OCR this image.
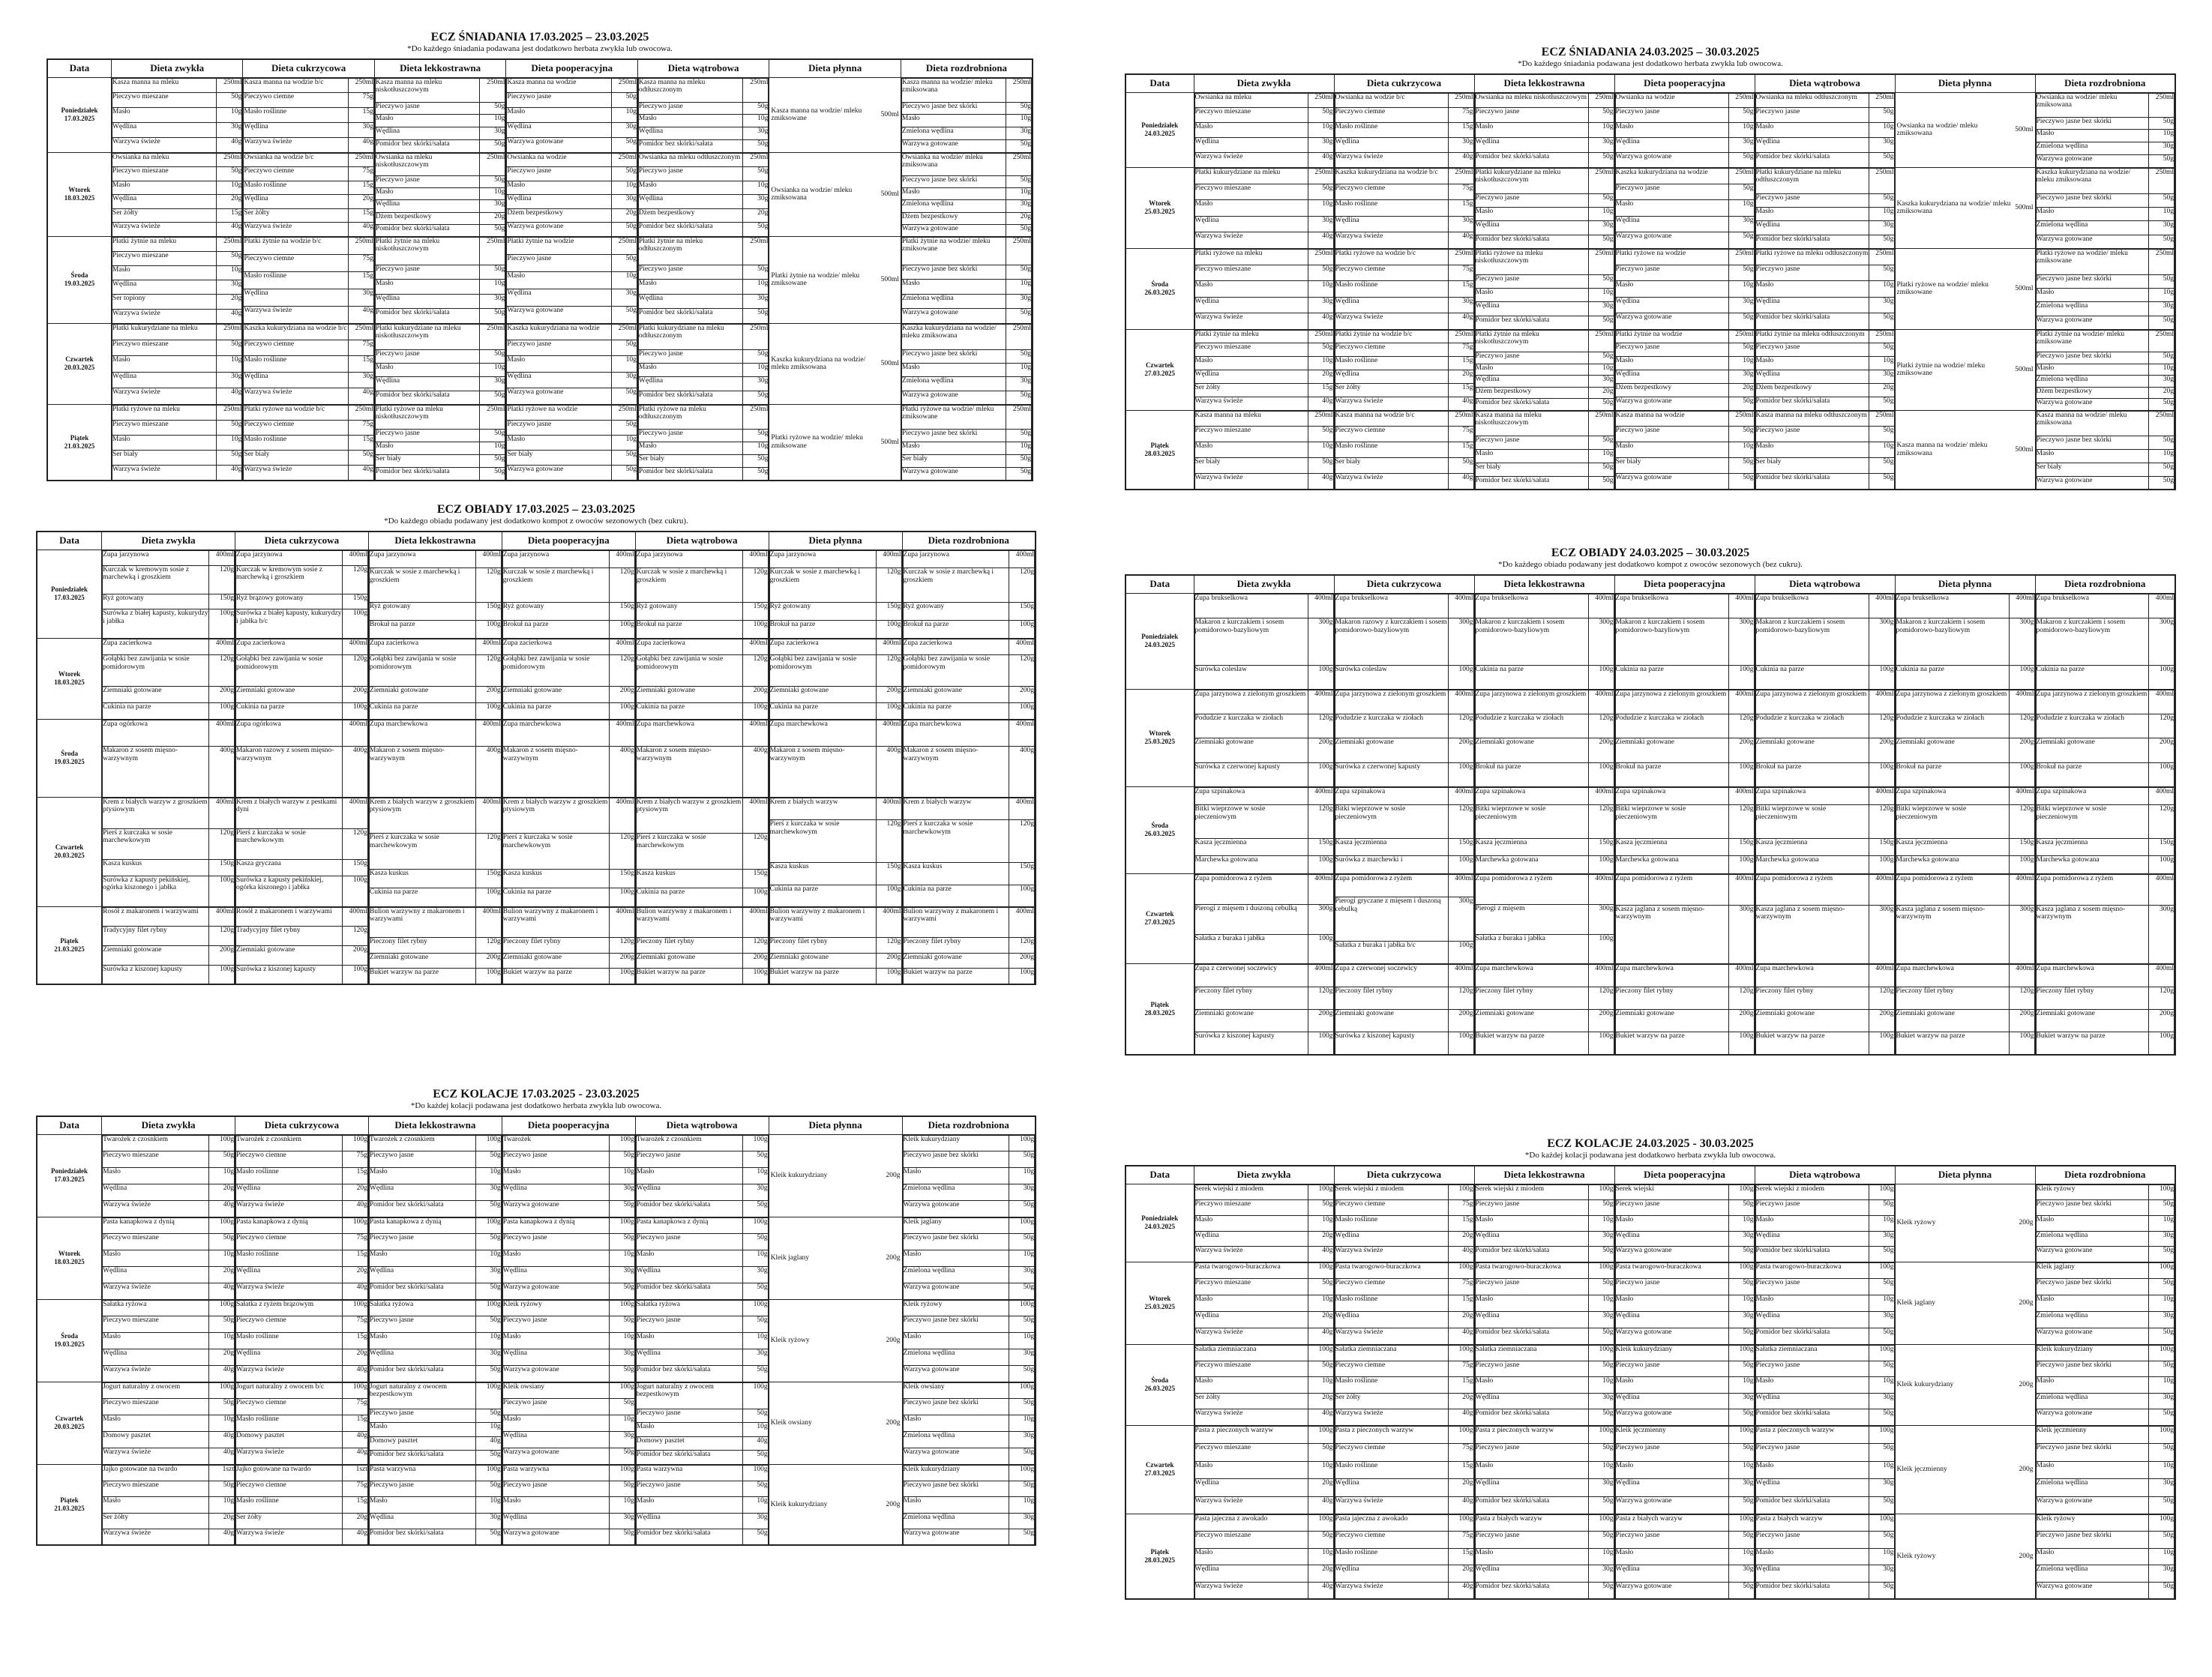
ECZ ŚNIADANIA 17.03.2025 – 23.03.2025
*Do każdego śniadania podawana jest dodatkowo herbata zwykła lub owocowa.
Data	Dieta zwykła	Dieta cukrzycowa	Dieta lekkostrawna	Dieta pooperacyjna	Dieta wątrobowa	Dieta płynna	Dieta rozdrobniona

Poniedziałek
17.03.2025

Kasza manna na mleku	250ml
Pieczywo mieszane	50g
Masło	10g
Wędlina	30g
Warzywa świeże	40g

Kasza manna na wodzie b/c	250ml
Pieczywo ciemne	75g
Masło roślinne	15g
Wędlina	30g
Warzywa świeże	40g

Kasza manna na mleku niskotłuszczowym	250ml
Pieczywo jasne	50g
Masło	10g
Wędlina	30g
Pomidor bez skórki/sałata	50g

Kasza manna na wodzie	250ml
Pieczywo jasne	50g
Masło	10g
Wędlina	30g
Warzywa gotowane	50g

Kasza manna na mleku odtłuszczonym	250ml
Pieczywo jasne	50g
Masło	10g
Wędlina	30g
Pomidor bez skórki/sałata	50g

Kasza manna na wodzie/ mleku zmiksowane
500ml

Kasza manna na wodzie/ mleku zmiksowana	250ml
Pieczywo jasne bez skórki	50g
Masło	10g
Zmielona wędlina	30g
Warzywa gotowane	50g

Wtorek
18.03.2025

Owsianka na mleku	250ml
Pieczywo mieszane	50g
Masło	10g
Wędlina	20g
Ser żółty	15g
Warzywa świeże	40g

Owsianka na wodzie b/c	250ml
Pieczywo ciemne	75g
Masło roślinne	15g
Wędlina	20g
Ser żółty	15g
Warzywa świeże	40g

Owsianka na mleku niskotłuszczowym	250ml
Pieczywo jasne	50g
Masło	10g
Wędlina	30g
Dżem bezpestkowy	20g
Pomidor bez skórki/sałata	50g

Owsianka na wodzie	250ml
Pieczywo jasne	50g
Masło	10g
Wędlina	30g
Dżem bezpestkowy	20g
Warzywa gotowane	50g

Owsianka na mleku odtłuszczonym	250ml
Pieczywo jasne	50g
Masło	10g
Wędlina	30g
Dżem bezpestkowy	20g
Pomidor bez skórki/sałata	50g

Owsianka na wodzie/ mleku zmiksowana
500ml

Owsianka na wodzie/ mleku zmiksowana	250ml
Pieczywo jasne bez skórki	50g
Masło	10g
Zmielona wędlina	30g
Dżem bezpestkowy	20g
Warzywa gotowane	50g

Środa
19.03.2025

Płatki żytnie na mleku	250ml
Pieczywo mieszane	50g
Masło	10g
Wędlina	30g
Ser topiony	20g
Warzywa świeże	40g

Płatki żytnie na wodzie b/c	250ml
Pieczywo ciemne	75g
Masło roślinne	15g
Wędlina	30g
Warzywa świeże	40g

Płatki żytnie na mleku niskotłuszczowym	250ml
Pieczywo jasne	50g
Masło	10g
Wędlina	30g
Pomidor bez skórki/sałata	50g

Płatki żytnie na wodzie	250ml
Pieczywo jasne	50g
Masło	10g
Wędlina	30g
Warzywa gotowane	50g

Płatki żytnie na mleku odtłuszczonym	250ml
Pieczywo jasne	50g
Masło	10g
Wędlina	30g
Pomidor bez skórki/sałata	50g

Płatki żytnie na wodzie/ mleku zmiksowane
500ml

Płatki żytnie na wodzie/ mleku zmiksowane	250ml
Pieczywo jasne bez skórki	50g
Masło	10g
Zmielona wędlina	30g
Warzywa gotowane	50g

Czwartek
20.03.2025

Płatki kukurydziane na mleku	250ml
Pieczywo mieszane	50g
Masło	10g
Wędlina	30g
Warzywa świeże	40g

Kaszka kukurydziana na wodzie b/c	250ml
Pieczywo ciemne	75g
Masło roślinne	15g
Wędlina	30g
Warzywa świeże	40g

Płatki kukurydziane na mleku niskotłuszczowym	250ml
Pieczywo jasne	50g
Masło	10g
Wędlina	30g
Pomidor bez skórki/sałata	50g

Kaszka kukurydziana na wodzie	250ml
Pieczywo jasne	50g
Masło	10g
Wędlina	30g
Warzywa gotowane	50g

Płatki kukurydziane na mleku odtłuszczonym	250ml
Pieczywo jasne	50g
Masło	10g
Wędlina	30g
Pomidor bez skórki/sałata	50g

Kaszka kukurydziana na wodzie/ mleku zmiksowana
500ml

Kaszka kukurydziana na wodzie/ mleku zmiksowana	250ml
Pieczywo jasne bez skórki	50g
Masło	10g
Zmielona wędlina	30g
Warzywa gotowane	50g

Piątek
21.03.2025

Płatki ryżowe na mleku	250ml
Pieczywo mieszane	50g
Masło	10g
Ser biały	50g
Warzywa świeże	40g

Płatki ryżowe na wodzie b/c	250ml
Pieczywo ciemne	75g
Masło roślinne	15g
Ser biały	50g
Warzywa świeże	40g

Płatki ryżowe na mleku niskotłuszczowym	250ml
Pieczywo jasne	50g
Masło	10g
Ser biały	50g
Pomidor bez skórki/sałata	50g

Płatki ryżowe na wodzie	250ml
Pieczywo jasne	50g
Masło	10g
Ser biały	50g
Warzywa gotowane	50g

Płatki ryżowe na mleku odtłuszczonym	250ml
Pieczywo jasne	50g
Masło	10g
Ser biały	50g
Pomidor bez skórki/sałata	50g

Płatki ryżowe na wodzie/ mleku zmiksowane
500ml

Płatki ryżowe na wodzie/ mleku zmiksowane	250ml
Pieczywo jasne bez skórki	50g
Masło	10g
Ser biały	50g
Warzywa gotowane	50g
ECZ ŚNIADANIA 24.03.2025 – 30.03.2025
*Do każdego śniadania podawana jest dodatkowo herbata zwykła lub owocowa.
Data	Dieta zwykła	Dieta cukrzycowa	Dieta lekkostrawna	Dieta pooperacyjna	Dieta wątrobowa	Dieta płynna	Dieta rozdrobniona

Poniedziałek
24.03.2025

Owsianka na mleku	250ml
Pieczywo mieszane	50g
Masło	10g
Wędlina	30g
Warzywa świeże	40g

Owsianka na wodzie b/c	250ml
Pieczywo ciemne	75g
Masło roślinne	15g
Wędlina	30g
Warzywa świeże	40g

Owsianka na mleku niskotłuszczowym	250ml
Pieczywo jasne	50g
Masło	10g
Wędlina	30g
Pomidor bez skórki/sałata	50g

Owsianka na wodzie	250ml
Pieczywo jasne	50g
Masło	10g
Wędlina	30g
Warzywa gotowane	50g

Owsianka na mleku odtłuszczonym	250ml
Pieczywo jasne	50g
Masło	10g
Wędlina	30g
Pomidor bez skórki/sałata	50g

Owsianka na wodzie/ mleku zmiksowana
500ml

Owsianka na wodzie/ mleku zmiksowana	250ml
Pieczywo jasne bez skórki	50g
Masło	10g
Zmielona wędlina	30g
Warzywa gotowane	50g

Wtorek
25.03.2025

Płatki kukurydziane na mleku	250ml
Pieczywo mieszane	50g
Masło	10g
Wędlina	30g
Warzywa świeże	40g

Kaszka kukurydziana na wodzie b/c	250ml
Pieczywo ciemne	75g
Masło roślinne	15g
Wędlina	30g
Warzywa świeże	40g

Płatki kukurydziane na mleku niskotłuszczowym	250ml
Pieczywo jasne	50g
Masło	10g
Wędlina	30g
Pomidor bez skórki/sałata	50g

Kaszka kukurydziana na wodzie	250ml
Pieczywo jasne	50g
Masło	10g
Wędlina	30g
Warzywa gotowane	50g

Płatki kukurydziane na mleku odtłuszczonym	250ml
Pieczywo jasne	50g
Masło	10g
Wędlina	30g
Pomidor bez skórki/sałata	50g

Kaszka kukurydziana na wodzie/ mleku zmiksowana
500ml

Kaszka kukurydziana na wodzie/ mleku zmiksowana	250ml
Pieczywo jasne bez skórki	50g
Masło	10g
Zmielona wędlina	30g
Warzywa gotowane	50g

Środa
26.03.2025

Płatki ryżowe na mleku	250ml
Pieczywo mieszane	50g
Masło	10g
Wędlina	30g
Warzywa świeże	40g

Płatki ryżowe na wodzie b/c	250ml
Pieczywo ciemne	75g
Masło roślinne	15g
Wędlina	30g
Warzywa świeże	40g

Płatki ryżowe na mleku niskotłuszczowym	250ml
Pieczywo jasne	50g
Masło	10g
Wędlina	30g
Pomidor bez skórki/sałata	50g

Płatki ryżowe na wodzie	250ml
Pieczywo jasne	50g
Masło	10g
Wędlina	30g
Warzywa gotowane	50g

Płatki ryżowe na mleku odtłuszczonym	250ml
Pieczywo jasne	50g
Masło	10g
Wędlina	30g
Pomidor bez skórki/sałata	50g

Płatki ryżowe na wodzie/ mleku zmiksowane
500ml

Płatki ryżowe na wodzie/ mleku zmiksowane	250ml
Pieczywo jasne bez skórki	50g
Masło	10g
Zmielona wędlina	30g
Warzywa gotowane	50g

Czwartek
27.03.2025

Płatki żytnie na mleku	250ml
Pieczywo mieszane	50g
Masło	10g
Wędlina	20g
Ser żółty	15g
Warzywa świeże	40g

Płatki żytnie na wodzie b/c	250ml
Pieczywo ciemne	75g
Masło roślinne	15g
Wędlina	20g
Ser żółty	15g
Warzywa świeże	40g

Płatki żytnie na mleku niskotłuszczowym	250ml
Pieczywo jasne	50g
Masło	10g
Wędlina	30g
Dżem bezpestkowy	20g
Pomidor bez skórki/sałata	50g

Płatki żytnie na wodzie	250ml
Pieczywo jasne	50g
Masło	10g
Wędlina	30g
Dżem bezpestkowy	20g
Warzywa gotowane	50g

Płatki żytnie na mleku odtłuszczonym	250ml
Pieczywo jasne	50g
Masło	10g
Wędlina	30g
Dżem bezpestkowy	20g
Pomidor bez skórki/sałata	50g

Płatki żytnie na wodzie/ mleku zmiksowane
500ml

Płatki żytnie na wodzie/ mleku zmiksowane	250ml
Pieczywo jasne bez skórki	50g
Masło	10g
Zmielona wędlina	30g
Dżem bezpestkowy	20g
Warzywa gotowane	50g

Piątek
28.03.2025

Kasza manna na mleku	250ml
Pieczywo mieszane	50g
Masło	10g
Ser biały	50g
Warzywa świeże	40g

Kasza manna na wodzie b/c	250ml
Pieczywo ciemne	75g
Masło roślinne	15g
Ser biały	50g
Warzywa świeże	40g

Kasza manna na mleku niskotłuszczowym	250ml
Pieczywo jasne	50g
Masło	10g
Ser biały	50g
Pomidor bez skórki/sałata	50g

Kasza manna na wodzie	250ml
Pieczywo jasne	50g
Masło	10g
Ser biały	50g
Warzywa gotowane	50g

Kasza manna na mleku odtłuszczonym	250ml
Pieczywo jasne	50g
Masło	10g
Ser biały	50g
Pomidor bez skórki/sałata	50g

Kasza manna na wodzie/ mleku zmiksowana
500ml

Kasza manna na wodzie/ mleku zmiksowana	250ml
Pieczywo jasne bez skórki	50g
Masło	10g
Ser biały	50g
Warzywa gotowane	50g
ECZ OBIADY 17.03.2025 – 23.03.2025
*Do każdego obiadu podawany jest dodatkowo kompot z owoców sezonowych (bez cukru).
Data	Dieta zwykła	Dieta cukrzycowa	Dieta lekkostrawna	Dieta pooperacyjna	Dieta wątrobowa	Dieta płynna	Dieta rozdrobniona

Poniedziałek
17.03.2025

Zupa jarzynowa	400ml
Kurczak w kremowym sosie z marchewką i groszkiem	120g
Ryż gotowany	150g
Surówka z białej kapusty, kukurydzy i jabłka	100g

Zupa jarzynowa	400ml
Kurczak w kremowym sosie z marchewką i groszkiem	120g
Ryż brązowy gotowany	150g
Surówka z białej kapusty, kukurydzy i jabłka b/c	100g

Zupa jarzynowa	400ml
Kurczak w sosie z marchewką i groszkiem	120g
Ryż gotowany	150g
Brokuł na parze	100g

Zupa jarzynowa	400ml
Kurczak w sosie z marchewką i groszkiem	120g
Ryż gotowany	150g
Brokuł na parze	100g

Zupa jarzynowa	400ml
Kurczak w sosie z marchewką i groszkiem	120g
Ryż gotowany	150g
Brokuł na parze	100g

Zupa jarzynowa	400ml
Kurczak w sosie z marchewką i groszkiem	120g
Ryż gotowany	150g
Brokuł na parze	100g

Zupa jarzynowa	400ml
Kurczak w sosie z marchewką i groszkiem	120g
Ryż gotowany	150g
Brokuł na parze	100g

Wtorek
18.03.2025

Zupa zacierkowa	400ml
Gołąbki bez zawijania w sosie pomidorowym	120g
Ziemniaki gotowane	200g
Cukinia na parze	100g

Zupa zacierkowa	400ml
Gołąbki bez zawijania w sosie pomidorowym	120g
Ziemniaki gotowane	200g
Cukinia na parze	100g

Zupa zacierkowa	400ml
Gołąbki bez zawijania w sosie pomidorowym	120g
Ziemniaki gotowane	200g
Cukinia na parze	100g

Zupa zacierkowa	400ml
Gołąbki bez zawijania w sosie pomidorowym	120g
Ziemniaki gotowane	200g
Cukinia na parze	100g

Zupa zacierkowa	400ml
Gołąbki bez zawijania w sosie pomidorowym	120g
Ziemniaki gotowane	200g
Cukinia na parze	100g

Zupa zacierkowa	400ml
Gołąbki bez zawijania w sosie pomidorowym	120g
Ziemniaki gotowane	200g
Cukinia na parze	100g

Zupa zacierkowa	400ml
Gołąbki bez zawijania w sosie pomidorowym	120g
Ziemniaki gotowane	200g
Cukinia na parze	100g

Środa
19.03.2025

Zupa ogórkowa	400ml
Makaron z sosem mięsno-warzywnym	400g

Zupa ogórkowa	400ml
Makaron razowy z sosem mięsno-warzywnym	400g

Zupa marchewkowa	400ml
Makaron z sosem mięsno-warzywnym	400g

Zupa marchewkowa	400ml
Makaron z sosem mięsno-warzywnym	400g

Zupa marchewkowa	400ml
Makaron z sosem mięsno-warzywnym	400g

Zupa marchewkowa	400ml
Makaron z sosem mięsno-warzywnym	400g

Zupa marchewkowa	400ml
Makaron z sosem mięsno-warzywnym	400g

Czwartek
20.03.2025

Krem z białych warzyw z groszkiem ptysiowym	400ml
Pierś z kurczaka w sosie marchewkowym	120g
Kasza kuskus	150g
Surówka z kapusty pekińskiej, ogórka kiszonego i jabłka	100g

Krem z białych warzyw z pestkami dyni	400ml
Pierś z kurczaka w sosie marchewkowym	120g
Kasza gryczana	150g
Surówka z kapusty pekińskiej, ogórka kiszonego i jabłka	100g

Krem z białych warzyw z groszkiem ptysiowym	400ml
Pierś z kurczaka w sosie marchewkowym	120g
Kasza kuskus	150g
Cukinia na parze	100g

Krem z białych warzyw z groszkiem ptysiowym	400ml
Pierś z kurczaka w sosie marchewkowym	120g
Kasza kuskus	150g
Cukinia na parze	100g

Krem z białych warzyw z groszkiem ptysiowym	400ml
Pierś z kurczaka w sosie marchewkowym	120g
Kasza kuskus	150g
Cukinia na parze	100g

Krem z białych warzyw	400ml
Pierś z kurczaka w sosie marchewkowym	120g
Kasza kuskus	150g
Cukinia na parze	100g

Krem z białych warzyw	400ml
Pierś z kurczaka w sosie marchewkowym	120g
Kasza kuskus	150g
Cukinia na parze	100g

Piątek
21.03.2025

Rosół z makaronem i warzywami	400ml
Tradycyjny filet rybny	120g
Ziemniaki gotowane	200g
Surówka z kiszonej kapusty	100g

Rosół z makaronem i warzywami	400ml
Tradycyjny filet rybny	120g
Ziemniaki gotowane	200g
Surówka z kiszonej kapusty	100g

Bulion warzywny z makaronem i warzywami	400ml
Pieczony filet rybny	120g
Ziemniaki gotowane	200g
Bukiet warzyw na parze	100g

Bulion warzywny z makaronem i warzywami	400ml
Pieczony filet rybny	120g
Ziemniaki gotowane	200g
Bukiet warzyw na parze	100g

Bulion warzywny z makaronem i warzywami	400ml
Pieczony filet rybny	120g
Ziemniaki gotowane	200g
Bukiet warzyw na parze	100g

Bulion warzywny z makaronem i warzywami	400ml
Pieczony filet rybny	120g
Ziemniaki gotowane	200g
Bukiet warzyw na parze	100g

Bulion warzywny z makaronem i warzywami	400ml
Pieczony filet rybny	120g
Ziemniaki gotowane	200g
Bukiet warzyw na parze	100g
ECZ OBIADY 24.03.2025 – 30.03.2025
*Do każdego obiadu podawany jest dodatkowo kompot z owoców sezonowych (bez cukru).
Data	Dieta zwykła	Dieta cukrzycowa	Dieta lekkostrawna	Dieta pooperacyjna	Dieta wątrobowa	Dieta płynna	Dieta rozdrobniona

Poniedziałek
24.03.2025

Zupa brukselkowa	400ml
Makaron z kurczakiem i sosem pomidorowo-bazyliowym	300g
Surówka coleslaw	100g

Zupa brukselkowa	400ml
Makaron razowy z kurczakiem i sosem pomidorowo-bazyliowym	300g
Surówka coleslaw	100g

Zupa brukselkowa	400ml
Makaron z kurczakiem i sosem pomidorowo-bazyliowym	300g
Cukinia na parze	100g

Zupa brukselkowa	400ml
Makaron z kurczakiem i sosem pomidorowo-bazyliowym	300g
Cukinia na parze	100g

Zupa brukselkowa	400ml
Makaron z kurczakiem i sosem pomidorowo-bazyliowym	300g
Cukinia na parze	100g

Zupa brukselkowa	400ml
Makaron z kurczakiem i sosem pomidorowo-bazyliowym	300g
Cukinia na parze	100g

Zupa brukselkowa	400ml
Makaron z kurczakiem i sosem pomidorowo-bazyliowym	300g
Cukinia na parze	100g

Wtorek
25.03.2025

Zupa jarzynowa z zielonym groszkiem	400ml
Podudzie z kurczaka w ziołach	120g
Ziemniaki gotowane	200g
Surówka z czerwonej kapusty	100g

Zupa jarzynowa z zielonym groszkiem	400ml
Podudzie z kurczaka w ziołach	120g
Ziemniaki gotowane	200g
Surówka z czerwonej kapusty	100g

Zupa jarzynowa z zielonym groszkiem	400ml
Podudzie z kurczaka w ziołach	120g
Ziemniaki gotowane	200g
Brokuł na parze	100g

Zupa jarzynowa z zielonym groszkiem	400ml
Podudzie z kurczaka w ziołach	120g
Ziemniaki gotowane	200g
Brokuł na parze	100g

Zupa jarzynowa z zielonym groszkiem	400ml
Podudzie z kurczaka w ziołach	120g
Ziemniaki gotowane	200g
Brokuł na parze	100g

Zupa jarzynowa z zielonym groszkiem	400ml
Podudzie z kurczaka w ziołach	120g
Ziemniaki gotowane	200g
Brokuł na parze	100g

Zupa jarzynowa z zielonym groszkiem	400ml
Podudzie z kurczaka w ziołach	120g
Ziemniaki gotowane	200g
Brokuł na parze	100g

Środa
26.03.2025

Zupa szpinakowa	400ml
Bitki wieprzowe w sosie pieczeniowym	120g
Kasza jęczmienna	150g
Marchewka gotowana	100g

Zupa szpinakowa	400ml
Bitki wieprzowe w sosie pieczeniowym	120g
Kasza jęczmienna	150g
Surówka z marchewki i	100g

Zupa szpinakowa	400ml
Bitki wieprzowe w sosie pieczeniowym	120g
Kasza jęczmienna	150g
Marchewka gotowana	100g

Zupa szpinakowa	400ml
Bitki wieprzowe w sosie pieczeniowym	120g
Kasza jęczmienna	150g
Marchewka gotowana	100g

Zupa szpinakowa	400ml
Bitki wieprzowe w sosie pieczeniowym	120g
Kasza jęczmienna	150g
Marchewka gotowana	100g

Zupa szpinakowa	400ml
Bitki wieprzowe w sosie pieczeniowym	120g
Kasza jęczmienna	150g
Marchewka gotowana	100g

Zupa szpinakowa	400ml
Bitki wieprzowe w sosie pieczeniowym	120g
Kasza jęczmienna	150g
Marchewka gotowana	100g

Czwartek
27.03.2025

Zupa pomidorowa z ryżem	400ml
Pierogi z mięsem i duszoną cebulką	300g
Sałatka z buraka i jabłka	100g

Zupa pomidorowa z ryżem	400ml
Pierogi gryczane z mięsem i duszoną cebulką	300g
Sałatka z buraka i jabłka b/c	100g

Zupa pomidorowa z ryżem	400ml
Pierogi z mięsem	300g
Sałatka z buraka i jabłka	100g

Zupa pomidorowa z ryżem	400ml
Kasza jaglana z sosem mięsno-warzywnym	300g

Zupa pomidorowa z ryżem	400ml
Kasza jaglana z sosem mięsno-warzywnym	300g

Zupa pomidorowa z ryżem	400ml
Kasza jaglana z sosem mięsno-warzywnym	300g

Zupa pomidorowa z ryżem	400ml
Kasza jaglana z sosem mięsno-warzywnym	300g

Piątek
28.03.2025

Zupa z czerwonej soczewicy	400ml
Pieczony filet rybny	120g
Ziemniaki gotowane	200g
Surówka z kiszonej kapusty	100g

Zupa z czerwonej soczewicy	400ml
Pieczony filet rybny	120g
Ziemniaki gotowane	200g
Surówka z kiszonej kapusty	100g

Zupa marchewkowa	400ml
Pieczony filet rybny	120g
Ziemniaki gotowane	200g
Bukiet warzyw na parze	100g

Zupa marchewkowa	400ml
Pieczony filet rybny	120g
Ziemniaki gotowane	200g
Bukiet warzyw na parze	100g

Zupa marchewkowa	400ml
Pieczony filet rybny	120g
Ziemniaki gotowane	200g
Bukiet warzyw na parze	100g

Zupa marchewkowa	400ml
Pieczony filet rybny	120g
Ziemniaki gotowane	200g
Bukiet warzyw na parze	100g

Zupa marchewkowa	400ml
Pieczony filet rybny	120g
Ziemniaki gotowane	200g
Bukiet warzyw na parze	100g
ECZ KOLACJE 17.03.2025 - 23.03.2025
*Do każdej kolacji podawana jest dodatkowo herbata zwykła lub owocowa.
Data	Dieta zwykła	Dieta cukrzycowa	Dieta lekkostrawna	Dieta pooperacyjna	Dieta wątrobowa	Dieta płynna	Dieta rozdrobniona

Poniedziałek
17.03.2025

Twarożek z czosnkiem	100g
Pieczywo mieszane	50g
Masło	10g
Wędlina	20g
Warzywa świeże	40g

Twarożek z czosnkiem	100g
Pieczywo ciemne	75g
Masło roślinne	15g
Wędlina	20g
Warzywa świeże	40g

Twarożek z czosnkiem	100g
Pieczywo jasne	50g
Masło	10g
Wędlina	30g
Pomidor bez skórki/sałata	50g

Twarożek	100g
Pieczywo jasne	50g
Masło	10g
Wędlina	30g
Warzywa gotowane	50g

Twarożek z czosnkiem	100g
Pieczywo jasne	50g
Masło	10g
Wędlina	30g
Pomidor bez skórki/sałata	50g

Kleik kukurydziany	200g

Kleik kukurydziany	100g
Pieczywo jasne bez skórki	50g
Masło	10g
Zmielona wędlina	30g
Warzywa gotowane	50g

Wtorek
18.03.2025

Pasta kanapkowa z dynią	100g
Pieczywo mieszane	50g
Masło	10g
Wędlina	20g
Warzywa świeże	40g

Pasta kanapkowa z dynią	100g
Pieczywo ciemne	75g
Masło roślinne	15g
Wędlina	20g
Warzywa świeże	40g

Pasta kanapkowa z dynią	100g
Pieczywo jasne	50g
Masło	10g
Wędlina	30g
Pomidor bez skórki/sałata	50g

Pasta kanapkowa z dynią	100g
Pieczywo jasne	50g
Masło	10g
Wędlina	30g
Warzywa gotowane	50g

Pasta kanapkowa z dynią	100g
Pieczywo jasne	50g
Masło	10g
Wędlina	30g
Pomidor bez skórki/sałata	50g

Kleik jaglany	200g

Kleik jaglany	100g
Pieczywo jasne bez skórki	50g
Masło	10g
Zmielona wędlina	30g
Warzywa gotowane	50g

Środa
19.03.2025

Sałatka ryżowa	100g
Pieczywo mieszane	50g
Masło	10g
Wędlina	20g
Warzywa świeże	40g

Sałatka z ryżem brązowym	100g
Pieczywo ciemne	75g
Masło roślinne	15g
Wędlina	20g
Warzywa świeże	40g

Sałatka ryżowa	100g
Pieczywo jasne	50g
Masło	10g
Wędlina	30g
Pomidor bez skórki/sałata	50g

Kleik ryżowy	100g
Pieczywo jasne	50g
Masło	10g
Wędlina	30g
Warzywa gotowane	50g

Sałatka ryżowa	100g
Pieczywo jasne	50g
Masło	10g
Wędlina	30g
Pomidor bez skórki/sałata	50g

Kleik ryżowy	200g

Kleik ryżowy	100g
Pieczywo jasne bez skórki	50g
Masło	10g
Zmielona wędlina	30g
Warzywa gotowane	50g

Czwartek
20.03.2025

Jogurt naturalny z owocem	100g
Pieczywo mieszane	50g
Masło	10g
Domowy pasztet	40g
Warzywa świeże	40g

Jogurt naturalny z owocem b/c	100g
Pieczywo ciemne	75g
Masło roślinne	15g
Domowy pasztet	40g
Warzywa świeże	40g

Jogurt naturalny z owocem bezpestkowym	100g
Pieczywo jasne	50g
Masło	10g
Domowy pasztet	40g
Pomidor bez skórki/sałata	50g

Kleik owsiany	100g
Pieczywo jasne	50g
Masło	10g
Wędlina	30g
Warzywa gotowane	50g

Jogurt naturalny z owocem bezpestkowym	100g
Pieczywo jasne	50g
Masło	10g
Domowy pasztet	40g
Pomidor bez skórki/sałata	50g

Kleik owsiany	200g

Kleik owsiany	100g
Pieczywo jasne bez skórki	50g
Masło	10g
Zmielona wędlina	30g
Warzywa gotowane	50g

Piątek
21.03.2025

Jajko gotowane na twardo	1szt
Pieczywo mieszane	50g
Masło	10g
Ser żółty	20g
Warzywa świeże	40g

Jajko gotowane na twardo	1szt
Pieczywo ciemne	75g
Masło roślinne	15g
Ser żółty	20g
Warzywa świeże	40g

Pasta warzywna	100g
Pieczywo jasne	50g
Masło	10g
Wędlina	30g
Pomidor bez skórki/sałata	50g

Pasta warzywna	100g
Pieczywo jasne	50g
Masło	10g
Wędlina	30g
Warzywa gotowane	50g

Pasta warzywna	100g
Pieczywo jasne	50g
Masło	10g
Wędlina	30g
Pomidor bez skórki/sałata	50g

Kleik kukurydziany	200g

Kleik kukurydziany	100g
Pieczywo jasne bez skórki	50g
Masło	10g
Zmielona wędlina	30g
Warzywa gotowane	50g
ECZ KOLACJE 24.03.2025 - 30.03.2025
*Do każdej kolacji podawana jest dodatkowo herbata zwykła lub owocowa.
Data	Dieta zwykła	Dieta cukrzycowa	Dieta lekkostrawna	Dieta pooperacyjna	Dieta wątrobowa	Dieta płynna	Dieta rozdrobniona

Poniedziałek
24.03.2025

Serek wiejski z miodem	100g
Pieczywo mieszane	50g
Masło	10g
Wędlina	20g
Warzywa świeże	40g

Serek wiejski z miodem	100g
Pieczywo ciemne	75g
Masło roślinne	15g
Wędlina	20g
Warzywa świeże	40g

Serek wiejski z miodem	100g
Pieczywo jasne	50g
Masło	10g
Wędlina	30g
Pomidor bez skórki/sałata	50g

Serek wiejski	100g
Pieczywo jasne	50g
Masło	10g
Wędlina	30g
Warzywa gotowane	50g

Serek wiejski z miodem	100g
Pieczywo jasne	50g
Masło	10g
Wędlina	30g
Pomidor bez skórki/sałata	50g

Kleik ryżowy	200g

Kleik ryżowy	100g
Pieczywo jasne bez skórki	50g
Masło	10g
Zmielona wędlina	30g
Warzywa gotowane	50g

Wtorek
25.03.2025

Pasta twarogowo-buraczkowa	100g
Pieczywo mieszane	50g
Masło	10g
Wędlina	20g
Warzywa świeże	40g

Pasta twarogowo-buraczkowa	100g
Pieczywo ciemne	75g
Masło roślinne	15g
Wędlina	20g
Warzywa świeże	40g

Pasta twarogowo-buraczkowa	100g
Pieczywo jasne	50g
Masło	10g
Wędlina	30g
Pomidor bez skórki/sałata	50g

Pasta twarogowo-buraczkowa	100g
Pieczywo jasne	50g
Masło	10g
Wędlina	30g
Warzywa gotowane	50g

Pasta twarogowo-buraczkowa	100g
Pieczywo jasne	50g
Masło	10g
Wędlina	30g
Pomidor bez skórki/sałata	50g

Kleik jaglany	200g

Kleik jaglany	100g
Pieczywo jasne bez skórki	50g
Masło	10g
Zmielona wędlina	30g
Warzywa gotowane	50g

Środa
26.03.2025

Sałatka ziemniaczana	100g
Pieczywo mieszane	50g
Masło	10g
Ser żółty	20g
Warzywa świeże	40g

Sałatka ziemniaczana	100g
Pieczywo ciemne	75g
Masło roślinne	15g
Ser żółty	20g
Warzywa świeże	40g

Sałatka ziemniaczana	100g
Pieczywo jasne	50g
Masło	10g
Wędlina	30g
Pomidor bez skórki/sałata	50g

Kleik kukurydziany	100g
Pieczywo jasne	50g
Masło	10g
Wędlina	30g
Warzywa gotowane	50g

Sałatka ziemniaczana	100g
Pieczywo jasne	50g
Masło	10g
Wędlina	30g
Pomidor bez skórki/sałata	50g

Kleik kukurydziany	200g

Kleik kukurydziany	100g
Pieczywo jasne bez skórki	50g
Masło	10g
Zmielona wędlina	30g
Warzywa gotowane	50g

Czwartek
27.03.2025

Pasta z pieczonych warzyw	100g
Pieczywo mieszane	50g
Masło	10g
Wędlina	20g
Warzywa świeże	40g

Pasta z pieczonych warzyw	100g
Pieczywo ciemne	75g
Masło roślinne	15g
Wędlina	20g
Warzywa świeże	40g

Pasta z pieczonych warzyw	100g
Pieczywo jasne	50g
Masło	10g
Wędlina	30g
Pomidor bez skórki/sałata	50g

Kleik jęczmienny	100g
Pieczywo jasne	50g
Masło	10g
Wędlina	30g
Warzywa gotowane	50g

Pasta z pieczonych warzyw	100g
Pieczywo jasne	50g
Masło	10g
Wędlina	30g
Pomidor bez skórki/sałata	50g

Kleik jęczmienny	200g

Kleik jęczmienny	100g
Pieczywo jasne bez skórki	50g
Masło	10g
Zmielona wędlina	30g
Warzywa gotowane	50g

Piątek
28.03.2025

Pasta jajeczna z awokado	100g
Pieczywo mieszane	50g
Masło	10g
Wędlina	20g
Warzywa świeże	40g

Pasta jajeczna z awokado	100g
Pieczywo ciemne	75g
Masło roślinne	15g
Wędlina	20g
Warzywa świeże	40g

Pasta z białych warzyw	100g
Pieczywo jasne	50g
Masło	10g
Wędlina	30g
Pomidor bez skórki/sałata	50g

Pasta z białych warzyw	100g
Pieczywo jasne	50g
Masło	10g
Wędlina	30g
Warzywa gotowane	50g

Pasta z białych warzyw	100g
Pieczywo jasne	50g
Masło	10g
Wędlina	30g
Pomidor bez skórki/sałata	50g

Kleik ryżowy	200g

Kleik ryżowy	100g
Pieczywo jasne bez skórki	50g
Masło	10g
Zmielona wędlina	30g
Warzywa gotowane	50g
